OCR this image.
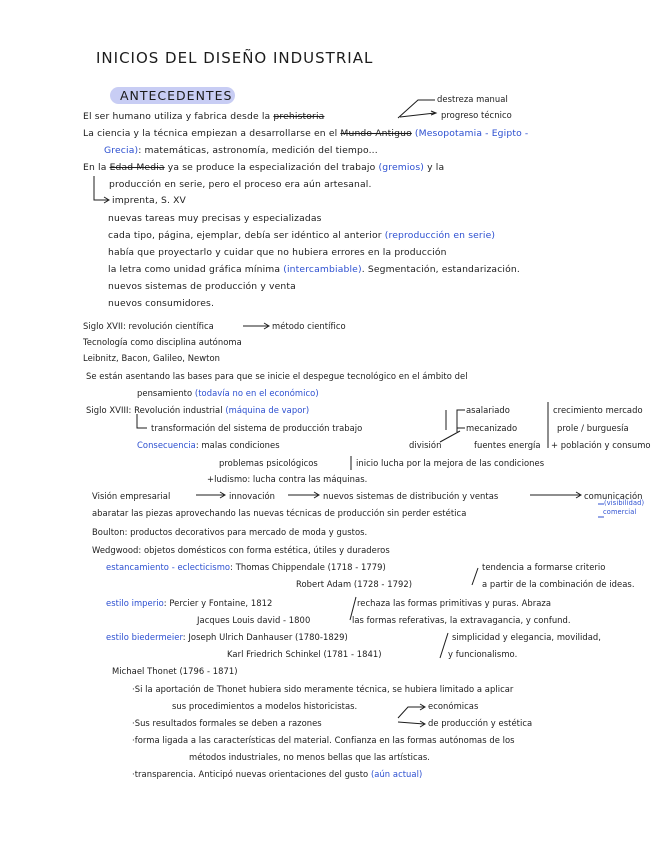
INICIOS DEL DISEÑO INDUSTRIAL
ANTECEDENTES

El ser humano utiliza y fabrica desde la prehistoria

destreza manual

progreso técnico

La ciencia y la técnica empiezan a desarrollarse en el Mundo Antiguo (Mesopotamia - Egipto -

Grecia): matemáticas, astronomía, medición del tiempo...

En la Edad Media ya se produce la especialización del trabajo (gremios) y la

producción en serie, pero el proceso era aún artesanal.

imprenta, S. XV

nuevas tareas muy precisas y especializadas

cada tipo, página, ejemplar, debía ser idéntico al anterior (reproducción en serie)

había que proyectarlo y cuidar que no hubiera errores en la producción

la letra como unidad gráfica mínima (intercambiable). Segmentación, estandarización.

nuevos sistemas de producción y venta

nuevos consumidores.

Siglo XVII: revolución científica	método científico

Tecnología como disciplina autónoma

Leibnitz, Bacon, Galileo, Newton

Se están asentando las bases para que se inicie el despegue tecnológico en el ámbito del

pensamiento (todavía no en el económico)

Siglo XVIII: Revolución industrial (máquina de vapor)	asalariado	crecimiento mercado

transformación del sistema de producción trabajo	mecanizado	prole / burguesía

Consecuencia: malas condiciones	división	fuentes energía + población y consumo

problemas psicológicos	inicio lucha por la mejora de las condiciones

+ludismo: lucha contra las máquinas.

Visión empresarial	innovación	nuevos sistemas de distribución y ventas	comunicación

(visibilidad)

comercial

abaratar las piezas aprovechando las nuevas técnicas de producción sin perder estética

Boulton: productos decorativos para mercado de moda y gustos.

Wedgwood: objetos domésticos con forma estética, útiles y duraderos

estancamiento - eclecticismo: Thomas Chippendale (1718 - 1779)	tendencia a formarse criterio

Robert Adam (1728 - 1792)	a partir de la combinación de ideas.

estilo imperio: Percier y Fontaine, 1812	rechaza las formas primitivas y puras. Abraza

Jacques Louis david - 1800	las formas referativas, la extravagancia, y confund.

estilo biedermeier: Joseph Ulrich Danhauser (1780-1829)	simplicidad y elegancia, movilidad,

Karl Friedrich Schinkel (1781 - 1841)	y funcionalismo.

Michael Thonet (1796 - 1871)

·Si la aportación de Thonet hubiera sido meramente técnica, se hubiera limitado a aplicar

sus procedimientos a modelos historicistas.	económicas

·Sus resultados formales se deben a razones	de producción y estética

·forma ligada a las características del material. Confianza en las formas autónomas de los

métodos industriales, no menos bellas que las artísticas.

·transparencia. Anticipó nuevas orientaciones del gusto (aún actual)
